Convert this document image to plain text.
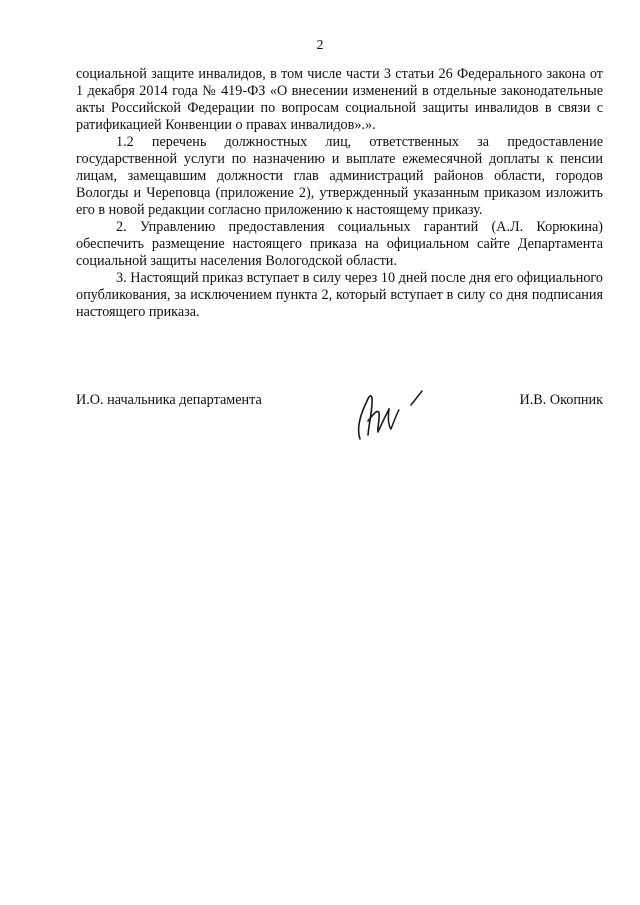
2

социальной защите инвалидов, в том числе части 3 статьи 26 Федерального закона от 1 декабря 2014 года № 419-ФЗ «О внесении изменений в отдельные законодательные акты Российской Федерации по вопросам социальной защиты инвалидов в связи с ратификацией Конвенции о правах инвалидов».».

1.2 перечень должностных лиц, ответственных за предоставление государственной услуги по назначению и выплате ежемесячной доплаты к пенсии лицам, замещавшим должности глав администраций районов области, городов Вологды и Череповца (приложение 2), утвержденный указанным приказом изложить его в новой редакции согласно приложению к настоящему приказу.

2. Управлению предоставления социальных гарантий (А.Л. Корюкина) обеспечить размещение настоящего приказа на официальном сайте Департамента социальной защиты населения Вологодской области.

3. Настоящий приказ вступает в силу через 10 дней после дня его официального опубликования, за исключением пункта 2, который вступает в силу со дня подписания настоящего приказа.

И.О. начальника департамента	И.В. Окопник
